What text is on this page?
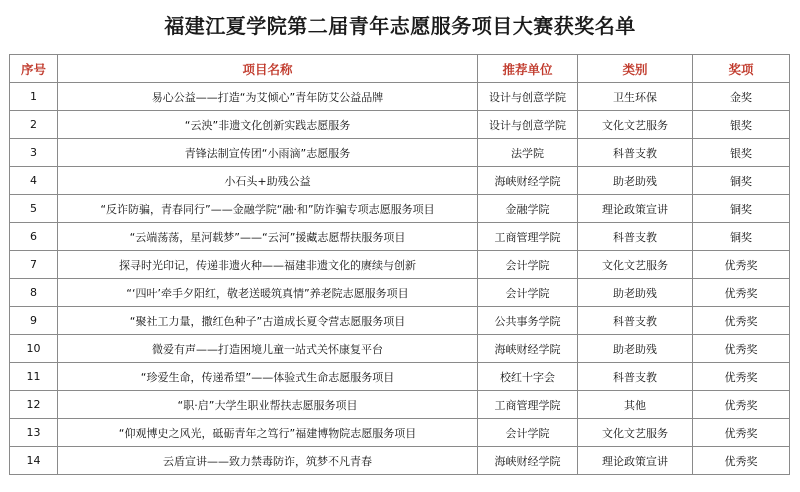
福建江夏学院第二届青年志愿服务项目大赛获奖名单
序号	项目名称	推荐单位	类别	奖项
1	易心公益——打造“为艾倾心”青年防艾公益品牌	设计与创意学院	卫生环保	金奖
2	“云泱”非遗文化创新实践志愿服务	设计与创意学院	文化文艺服务	银奖
3	青锋法制宣传团“小雨滴”志愿服务	法学院	科普支教	银奖
4	小石头+助残公益	海峡财经学院	助老助残	铜奖
5	“反诈防骗，青春同行”——金融学院“融·和”防诈骗专项志愿服务项目	金融学院	理论政策宣讲	铜奖
6	“云端荡荡，星河载梦”——“云河”援藏志愿帮扶服务项目	工商管理学院	科普支教	铜奖
7	探寻时光印记，传递非遗火种——福建非遗文化的赓续与创新	会计学院	文化文艺服务	优秀奖
8	“‘四叶’牵手夕阳红，敬老送暖筑真情”养老院志愿服务项目	会计学院	助老助残	优秀奖
9	“聚社工力量，撒红色种子”古道成长夏令营志愿服务项目	公共事务学院	科普支教	优秀奖
10	微爱有声——打造困境儿童一站式关怀康复平台	海峡财经学院	助老助残	优秀奖
11	“珍爱生命，传递希望”——体验式生命志愿服务项目	校红十字会	科普支教	优秀奖
12	“职·启”大学生职业帮扶志愿服务项目	工商管理学院	其他	优秀奖
13	“仰观博史之风光，砥砺青年之笃行”福建博物院志愿服务项目	会计学院	文化文艺服务	优秀奖
14	云盾宣讲——致力禁毒防诈，筑梦不凡青春	海峡财经学院	理论政策宣讲	优秀奖
